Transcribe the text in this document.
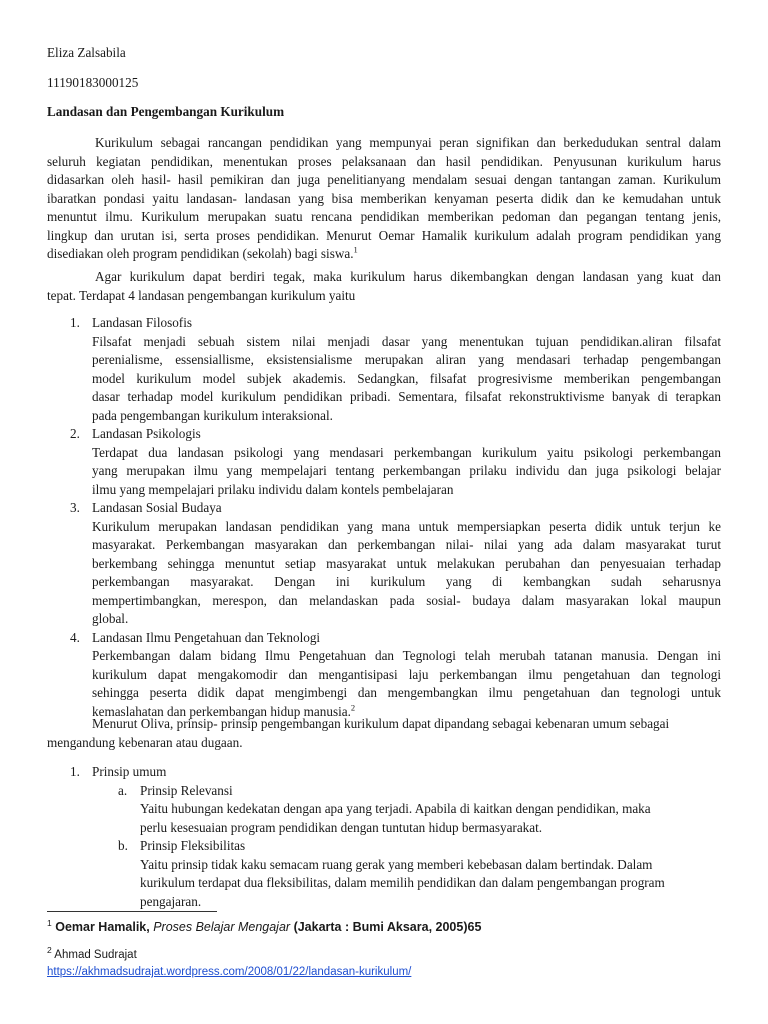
Eliza Zalsabila
11190183000125
Landasan dan Pengembangan Kurikulum
Kurikulum sebagai rancangan pendidikan yang mempunyai peran signifikan dan berkedudukan sentral dalam
seluruh kegiatan pendidikan, menentukan proses pelaksanaan dan hasil pendidikan. Penyusunan kurikulum harus
didasarkan oleh hasil- hasil pemikiran dan juga penelitianyang mendalam sesuai dengan tantangan zaman. Kurikulum
ibaratkan pondasi yaitu landasan- landasan yang bisa memberikan kenyaman peserta didik dan ke kemudahan untuk
menuntut ilmu. Kurikulum merupakan suatu rencana pendidikan memberikan pedoman dan pegangan tentang jenis,
lingkup dan urutan isi, serta proses pendidikan. Menurut Oemar Hamalik kurikulum adalah program pendidikan yang
disediakan oleh program pendidikan (sekolah) bagi siswa.$^1$
Agar kurikulum dapat berdiri tegak, maka kurikulum harus dikembangkan dengan landasan yang kuat dan
tepat. Terdapat 4 landasan pengembangan kurikulum yaitu
1. Landasan Filosofis
Filsafat menjadi sebuah sistem nilai menjadi dasar yang menentukan tujuan pendidikan.aliran filsafat
perenialisme, essensiallisme, eksistensialisme merupakan aliran yang mendasari terhadap pengembangan
model kurikulum model subjek akademis. Sedangkan, filsafat progresivisme memberikan pengembangan
dasar terhadap model kurikulum pendidikan pribadi. Sementara, filsafat rekonstruktivisme banyak di terapkan
pada pengembangan kurikulum interaksional.
2. Landasan Psikologis
Terdapat dua landasan psikologi yang mendasari perkembangan kurikulum yaitu psikologi perkembangan
yang merupakan ilmu yang mempelajari tentang perkembangan prilaku individu dan juga psikologi belajar
ilmu yang mempelajari prilaku individu dalam kontels pembelajaran
3. Landasan Sosial Budaya
Kurikulum merupakan landasan pendidikan yang mana untuk mempersiapkan peserta didik untuk terjun ke
masyarakat. Perkembangan masyarakan dan perkembangan nilai- nilai yang ada dalam masyarakat turut
berkembang sehingga menuntut setiap masyarakat untuk melakukan perubahan dan penyesuaian terhadap
perkembangan masyarakat. Dengan ini kurikulum yang di kembangkan sudah seharusnya
mempertimbangkan, merespon, dan melandaskan pada sosial- budaya dalam masyarakan lokal maupun
global.
4. Landasan Ilmu Pengetahuan dan Teknologi
Perkembangan dalam bidang Ilmu Pengetahuan dan Tegnologi telah merubah tatanan manusia. Dengan ini
kurikulum dapat mengakomodir dan mengantisipasi laju perkembangan ilmu pengetahuan dan tegnologi
sehingga peserta didik dapat mengimbengi dan mengembangkan ilmu pengetahuan dan tegnologi untuk
kemaslahatan dan perkembangan hidup manusia.$^2$
Menurut Oliva, prinsip- prinsip pengembangan kurikulum dapat dipandang sebagai kebenaran umum sebagai
mengandung kebenaran atau dugaan.
1. Prinsip umum
a. Prinsip Relevansi
Yaitu hubungan kedekatan dengan apa yang terjadi. Apabila di kaitkan dengan pendidikan, maka
perlu kesesuaian program pendidikan dengan tuntutan hidup bermasyarakat.
b. Prinsip Fleksibilitas
Yaitu prinsip tidak kaku semacam ruang gerak yang memberi kebebasan dalam bertindak. Dalam
kurikulum terdapat dua fleksibilitas, dalam memilih pendidikan dan dalam pengembangan program
pengajaran.
$^1$ Oemar Hamalik, Proses Belajar Mengajar (Jakarta : Bumi Aksara, 2005)65
$^2$ Ahmad Sudrajat
https://akhmadsudrajat.wordpress.com/2008/01/22/landasan-kurikulum/
